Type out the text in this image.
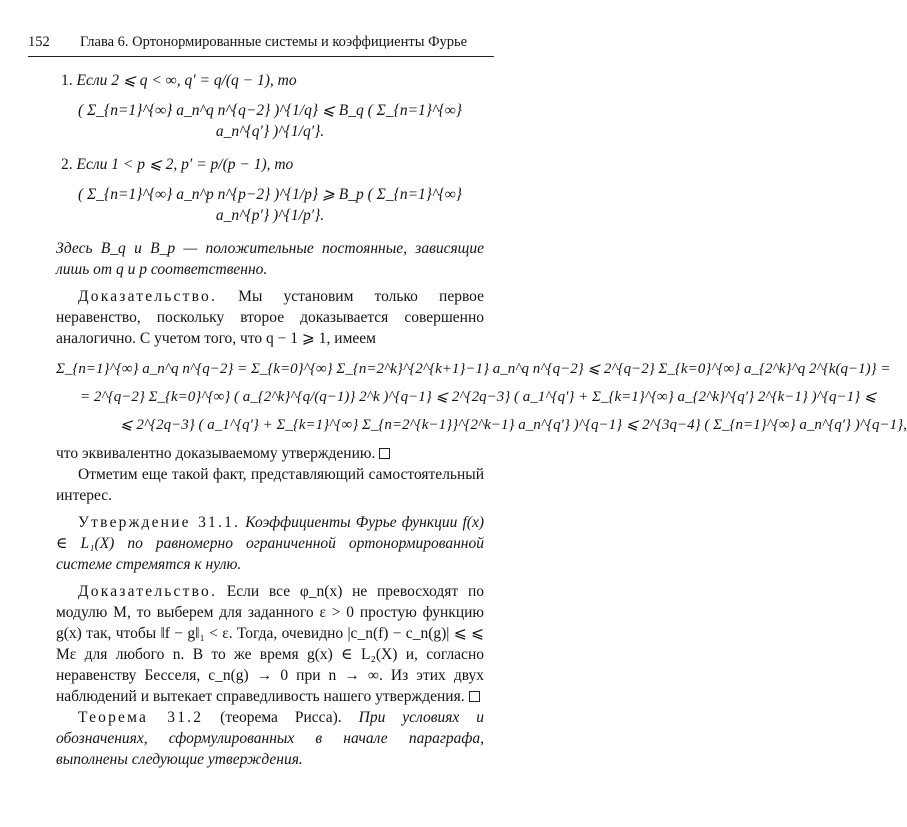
152	Глава 6. Ортонормированные системы и коэффициенты Фурье
1. Если 2 ⩽ q < ∞, q′ = q/(q − 1), то
( Σ_{n=1}^{∞} a_n^q n^{q−2} )^{1/q} ⩽ B_q ( Σ_{n=1}^{∞} a_n^{q′} )^{1/q′}.
2. Если 1 < p ⩽ 2, p′ = p/(p − 1), то
( Σ_{n=1}^{∞} a_n^p n^{p−2} )^{1/p} ⩾ B_p ( Σ_{n=1}^{∞} a_n^{p′} )^{1/p′}.
Здесь B_q и B_p — положительные постоянные, зависящие лишь от q и p соответственно.
Доказательство. Мы установим только первое неравенство, поскольку второе доказывается совершенно аналогично. С учетом того, что q − 1 ⩾ 1, имеем
Σ_{n=1}^{∞} a_n^q n^{q−2} = Σ_{k=0}^{∞} Σ_{n=2^k}^{2^{k+1}−1} a_n^q n^{q−2} ⩽ 2^{q−2} Σ_{k=0}^{∞} a_{2^k}^q 2^{k(q−1)} =
= 2^{q−2} Σ_{k=0}^{∞} ( a_{2^k}^{q/(q−1)} 2^k )^{q−1} ⩽ 2^{2q−3} ( a_1^{q′} + Σ_{k=1}^{∞} a_{2^k}^{q′} 2^{k−1} )^{q−1} ⩽
⩽ 2^{2q−3} ( a_1^{q′} + Σ_{k=1}^{∞} Σ_{n=2^{k−1}}^{2^k−1} a_n^{q′} )^{q−1} ⩽ 2^{3q−4} ( Σ_{n=1}^{∞} a_n^{q′} )^{q−1},
что эквивалентно доказываемому утверждению.
Отметим еще такой факт, представляющий самостоятельный интерес.
Утверждение 31.1. Коэффициенты Фурье функции f(x) ∈ L₁(X) по равномерно ограниченной ортонормированной системе стремятся к нулю.
Доказательство. Если все φ_n(x) не превосходят по модулю M, то выберем для заданного ε > 0 простую функцию g(x) так, чтобы ‖f − g‖₁ < ε. Тогда, очевидно |c_n(f) − c_n(g)| ⩽ ⩽ Mε для любого n. В то же время g(x) ∈ L₂(X) и, согласно неравенству Бесселя, c_n(g) → 0 при n → ∞. Из этих двух наблюдений и вытекает справедливость нашего утверждения.
Теорема 31.2 (теорема Рисса). При условиях и обозначениях, сформулированных в начале параграфа, выполнены следующие утверждения.
